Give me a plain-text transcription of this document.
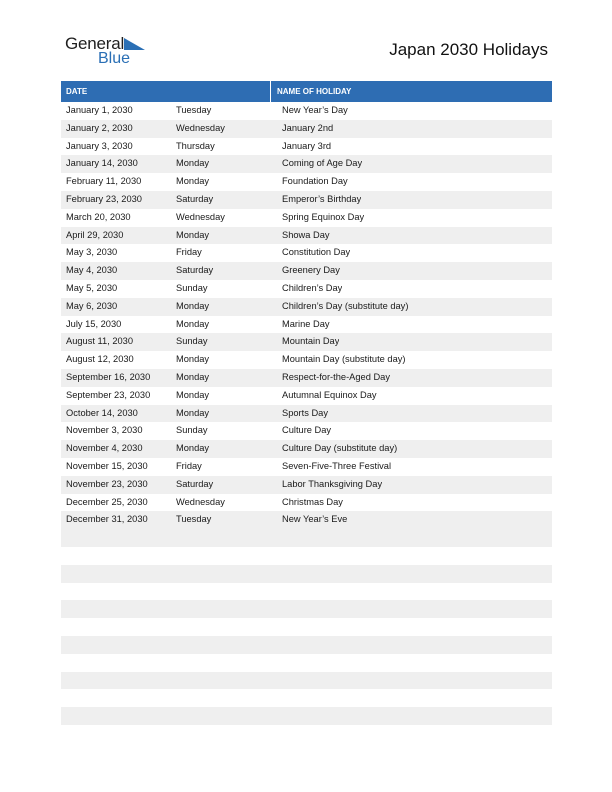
General
Blue	Japan 2030 Holidays
DATE	NAME OF HOLIDAY
January 1, 2030	Tuesday	New Year’s Day
January 2, 2030	Wednesday	January 2nd
January 3, 2030	Thursday	January 3rd
January 14, 2030	Monday	Coming of Age Day
February 11, 2030	Monday	Foundation Day
February 23, 2030	Saturday	Emperor’s Birthday
March 20, 2030	Wednesday	Spring Equinox Day
April 29, 2030	Monday	Showa Day
May 3, 2030	Friday	Constitution Day
May 4, 2030	Saturday	Greenery Day
May 5, 2030	Sunday	Children’s Day
May 6, 2030	Monday	Children’s Day (substitute day)
July 15, 2030	Monday	Marine Day
August 11, 2030	Sunday	Mountain Day
August 12, 2030	Monday	Mountain Day (substitute day)
September 16, 2030	Monday	Respect-for-the-Aged Day
September 23, 2030	Monday	Autumnal Equinox Day
October 14, 2030	Monday	Sports Day
November 3, 2030	Sunday	Culture Day
November 4, 2030	Monday	Culture Day (substitute day)
November 15, 2030	Friday	Seven-Five-Three Festival
November 23, 2030	Saturday	Labor Thanksgiving Day
December 25, 2030	Wednesday	Christmas Day
December 31, 2030	Tuesday	New Year’s Eve
